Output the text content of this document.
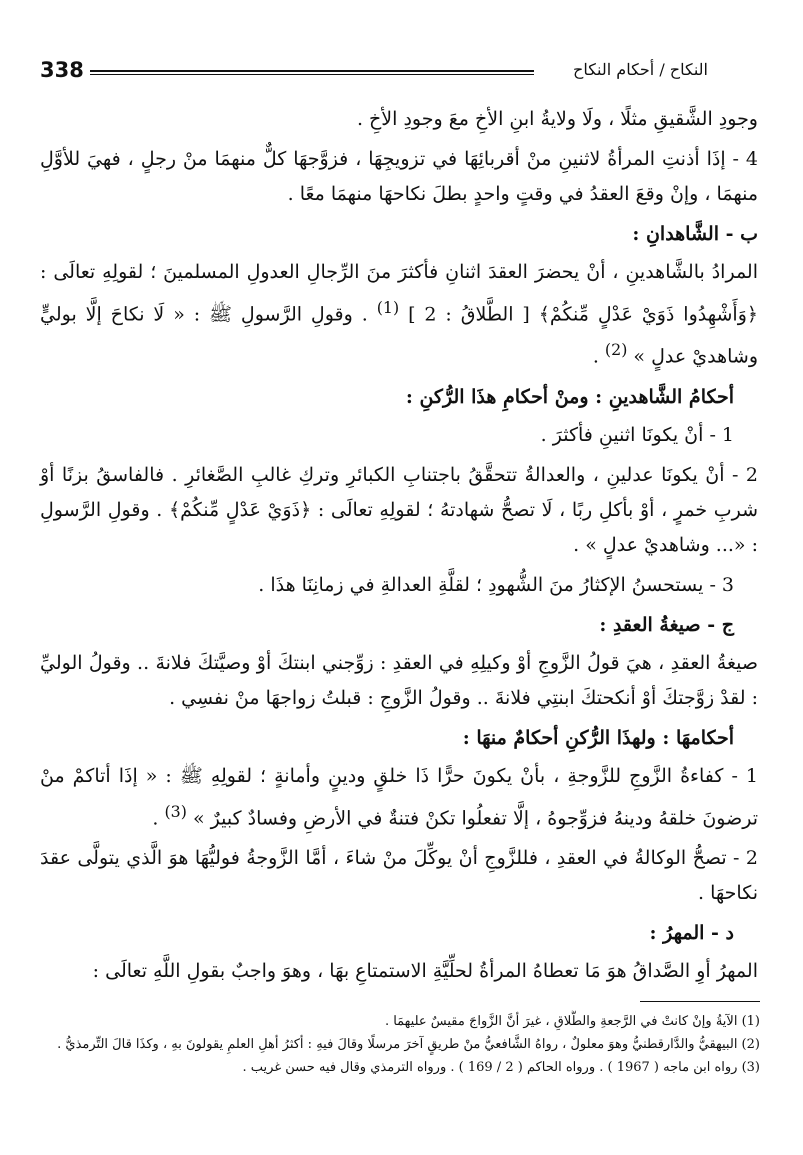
338	النكاح / أحكام النكاح

وجودِ الشَّقيقِ مثلًا ، ولَا ولايةُ ابنِ الأخِ معَ وجودِ الأخِ .

4 - إذَا أذنتِ المرأةُ لاثنينِ منْ أقربائِهَا في تزويجِهَا ، فزوَّجهَا كلٌّ منهمَا منْ رجلٍ ، فهيَ للأوَّلِ منهمَا ، وإنْ وقعَ العقدُ في وقتٍ واحدٍ بطلَ نكاحهَا منهمَا معًا .

ب - الشَّاهدانِ :

المرادُ بالشَّاهدينِ ، أنْ يحضرَ العقدَ اثنانِ فأكثرَ منَ الرِّجالِ العدولِ المسلمينَ ؛ لقولِهِ تعالَى : ﴿وَأَشْهِدُوا ذَوَيْ عَدْلٍ مِّنكُمْ﴾ [ الطَّلاقُ : 2 ] $^{(1)}$ . وقولِ الرَّسولِ ﷺ : « لَا نكاحَ إلَّا بوليٍّ وشاهديْ عدلٍ » $^{(2)}$ .

أحكامُ الشَّاهدينِ : ومنْ أحكامِ هذَا الرُّكنِ :

1 - أنْ يكونَا اثنينِ فأكثرَ .

2 - أنْ يكونَا عدلينِ ، والعدالةُ تتحقَّقُ باجتنابِ الكبائرِ وتركِ غالبِ الصَّغائرِ . فالفاسقُ بزنًا أوْ شربِ خمرٍ ، أوْ بأكلِ ربًا ، لَا تصحُّ شهادتهُ ؛ لقولِهِ تعالَى : ﴿ذَوَيْ عَدْلٍ مِّنكُمْ﴾ . وقولِ الرَّسولِ : «... وشاهديْ عدلٍ » .

3 - يستحسنُ الإكثارُ منَ الشُّهودِ ؛ لقلَّةِ العدالةِ في زمانِنَا هذَا .

ج - صيغةُ العقدِ :

صيغةُ العقدِ ، هيَ قولُ الزَّوجِ أوْ وكيلِهِ في العقدِ : زوِّجني ابنتكَ أوْ وصيَّتكَ فلانةَ .. وقولُ الوليِّ : لقدْ زوَّجتكَ أوْ أنكحتكَ ابنتِي فلانةَ .. وقولُ الزَّوجِ : قبلتُ زواجهَا منْ نفسِي .

أحكامهَا : ولهذَا الرُّكنِ أحكامٌ منهَا :

1 - كفاءةُ الزَّوجِ للزَّوجةِ ، بأنْ يكونَ حرًّا ذَا خلقٍ ودينٍ وأمانةٍ ؛ لقولِهِ ﷺ : « إذَا أتاكمْ منْ ترضونَ خلقهُ ودينهُ فزوِّجوهُ ، إلَّا تفعلُوا تكنْ فتنةٌ في الأرضِ وفسادٌ كبيرٌ » $^{(3)}$ .

2 - تصحُّ الوكالةُ في العقدِ ، فللزَّوجِ أنْ يوكِّلَ منْ شاءَ ، أمَّا الزَّوجةُ فوليُّهَا هوَ الَّذي يتولَّى عقدَ نكاحهَا .

د - المهرُ :

المهرُ أوِ الصَّداقُ هوَ مَا تعطاهُ المرأةُ لحلِّيَّةِ الاستمتاعِ بهَا ، وهوَ واجبٌ بقولِ اللَّهِ تعالَى :

(1) الآيةُ وإنْ كانتْ في الرَّجعةِ والطَّلاقِ ، غيرَ أنَّ الزَّواجَ مقيسٌ عليهمَا .
(2) البيهقيُّ والدَّارقطنيُّ وهوَ معلولٌ ، رواهُ الشَّافعيُّ منْ طريقٍ آخرَ مرسلًا وقالَ فيهِ : أكثرُ أهلِ العلمِ يقولونَ بهِ ، وكذَا قالَ التِّرمذيُّ .
(3) رواه ابن ماجه ( 1967 ) . ورواه الحاكم ( 2 / 169 ) . ورواه الترمذي وقال فيه حسن غريب .
